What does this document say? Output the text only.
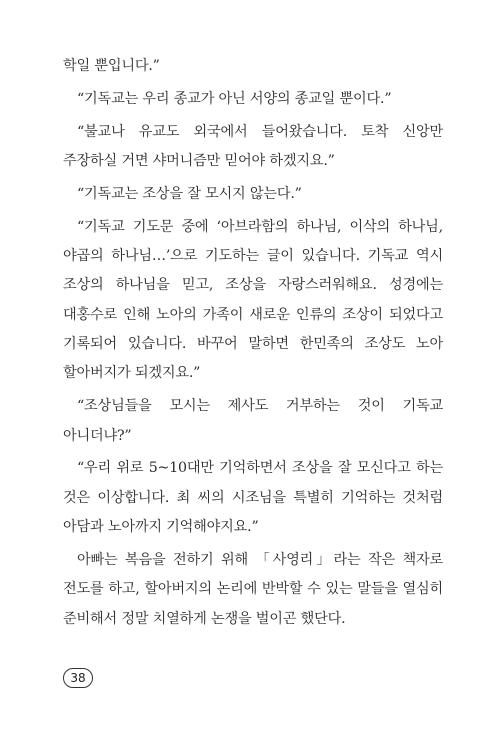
학일 뿐입니다.”

“기독교는 우리 종교가 아닌 서양의 종교일 뿐이다.”

“불교나 유교도 외국에서 들어왔습니다. 토착 신앙만 주장하실 거면 샤머니즘만 믿어야 하겠지요.”

“기독교는 조상을 잘 모시지 않는다.”

“기독교 기도문 중에 ‘아브라함의 하나님, 이삭의 하나님, 야곱의 하나님…’으로 기도하는 글이 있습니다. 기독교 역시 조상의 하나님을 믿고, 조상을 자랑스러워해요. 성경에는 대홍수로 인해 노아의 가족이 새로운 인류의 조상이 되었다고 기록되어 있습니다. 바꾸어 말하면 한민족의 조상도 노아 할아버지가 되겠지요.”

“조상님들을 모시는 제사도 거부하는 것이 기독교 아니더냐?”

“우리 위로 5~10대만 기억하면서 조상을 잘 모신다고 하는 것은 이상합니다. 최 씨의 시조님을 특별히 기억하는 것처럼 아담과 노아까지 기억해야지요.”

아빠는 복음을 전하기 위해 「사영리」라는 작은 책자로 전도를 하고, 할아버지의 논리에 반박할 수 있는 말들을 열심히 준비해서 정말 치열하게 논쟁을 벌이곤 했단다.

38
